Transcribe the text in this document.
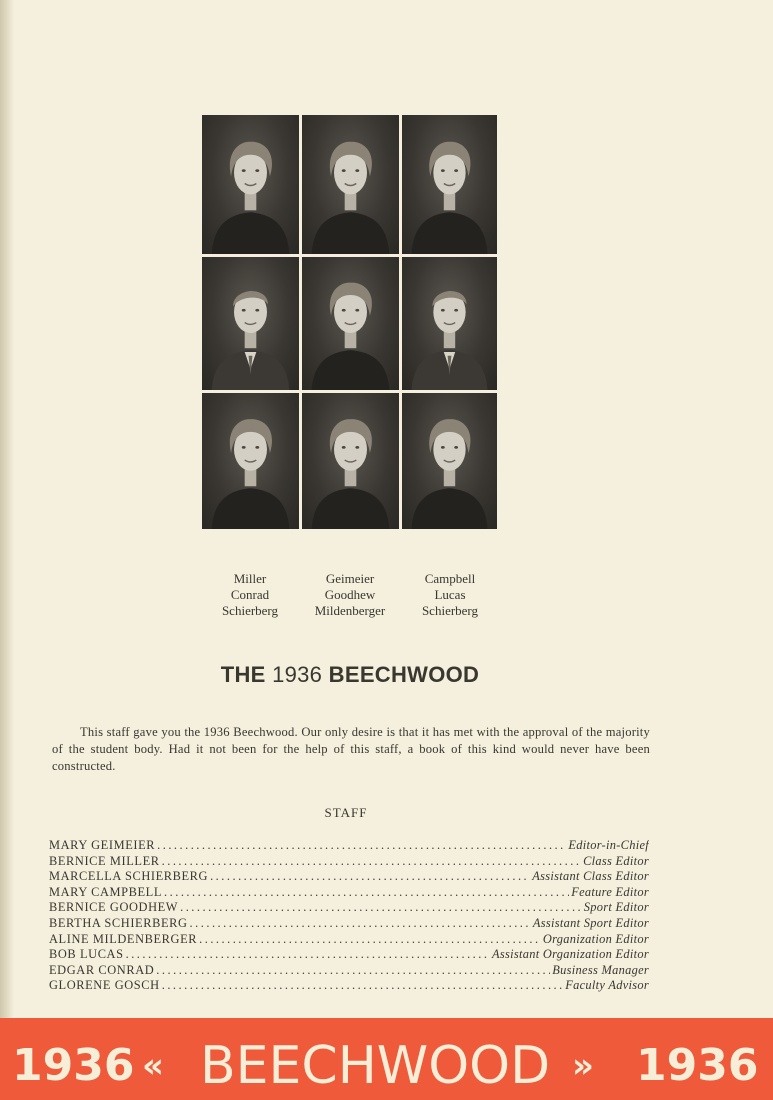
Miller
Conrad
Schierberg
Geimeier
Goodhew
Mildenberger
Campbell
Lucas
Schierberg
THE 1936 BEECHWOOD
This staff gave you the 1936 Beechwood. Our only desire is that it has met with the approval of the majority of the student body. Had it not been for the help of this staff, a book of this kind would never have been constructed.
STAFF
MARY GEIMEIER .....	Editor-in-Chief
BERNICE MILLER .....	Class Editor
MARCELLA SCHIERBERG .....	Assistant Class Editor
MARY CAMPBELL .....	Feature Editor
BERNICE GOODHEW .....	Sport Editor
BERTHA SCHIERBERG .....	Assistant Sport Editor
ALINE MILDENBERGER .....	Organization Editor
BOB LUCAS .....	Assistant Organization Editor
EDGAR CONRAD .....	Business Manager
GLORENE GOSCH .....	Faculty Advisor
1936 « BEECHWOOD » 1936
